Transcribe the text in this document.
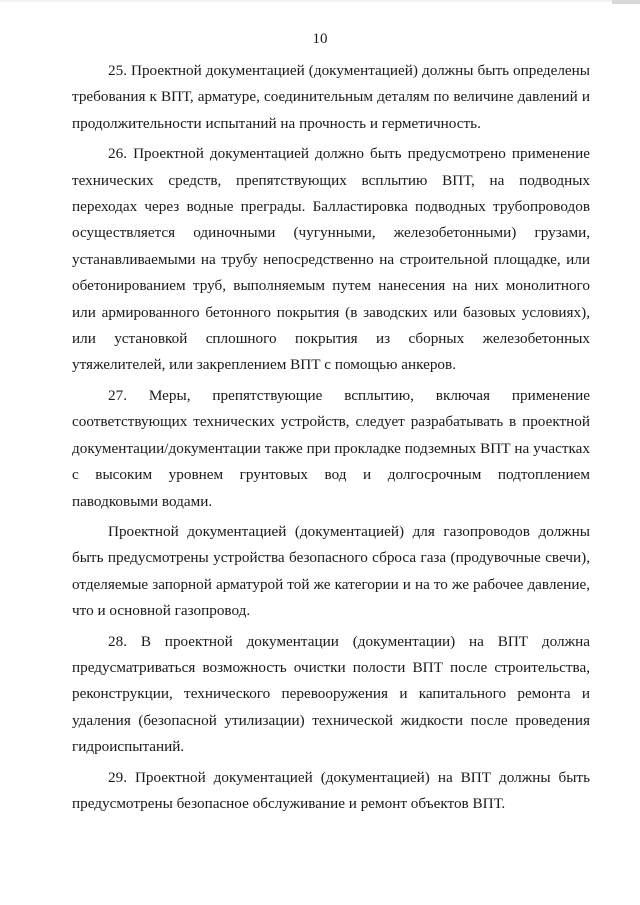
10

25. Проектной документацией (документацией) должны быть определены требования к ВПТ, арматуре, соединительным деталям по величине давлений и продолжительности испытаний на прочность и герметичность.

26. Проектной документацией должно быть предусмотрено применение технических средств, препятствующих всплытию ВПТ, на подводных переходах через водные преграды. Балластировка подводных трубопроводов осуществляется одиночными (чугунными, железобетонными) грузами, устанавливаемыми на трубу непосредственно на строительной площадке, или обетонированием труб, выполняемым путем нанесения на них монолитного или армированного бетонного покрытия (в заводских или базовых условиях), или установкой сплошного покрытия из сборных железобетонных утяжелителей, или закреплением ВПТ с помощью анкеров.

27. Меры, препятствующие всплытию, включая применение соответствующих технических устройств, следует разрабатывать в проектной документации/документации также при прокладке подземных ВПТ на участках с высоким уровнем грунтовых вод и долгосрочным подтоплением паводковыми водами.

Проектной документацией (документацией) для газопроводов должны быть предусмотрены устройства безопасного сброса газа (продувочные свечи), отделяемые запорной арматурой той же категории и на то же рабочее давление, что и основной газопровод.

28. В проектной документации (документации) на ВПТ должна предусматриваться возможность очистки полости ВПТ после строительства, реконструкции, технического перевооружения и капитального ремонта и удаления (безопасной утилизации) технической жидкости после проведения гидроиспытаний.

29. Проектной документацией (документацией) на ВПТ должны быть предусмотрены безопасное обслуживание и ремонт объектов ВПТ.
